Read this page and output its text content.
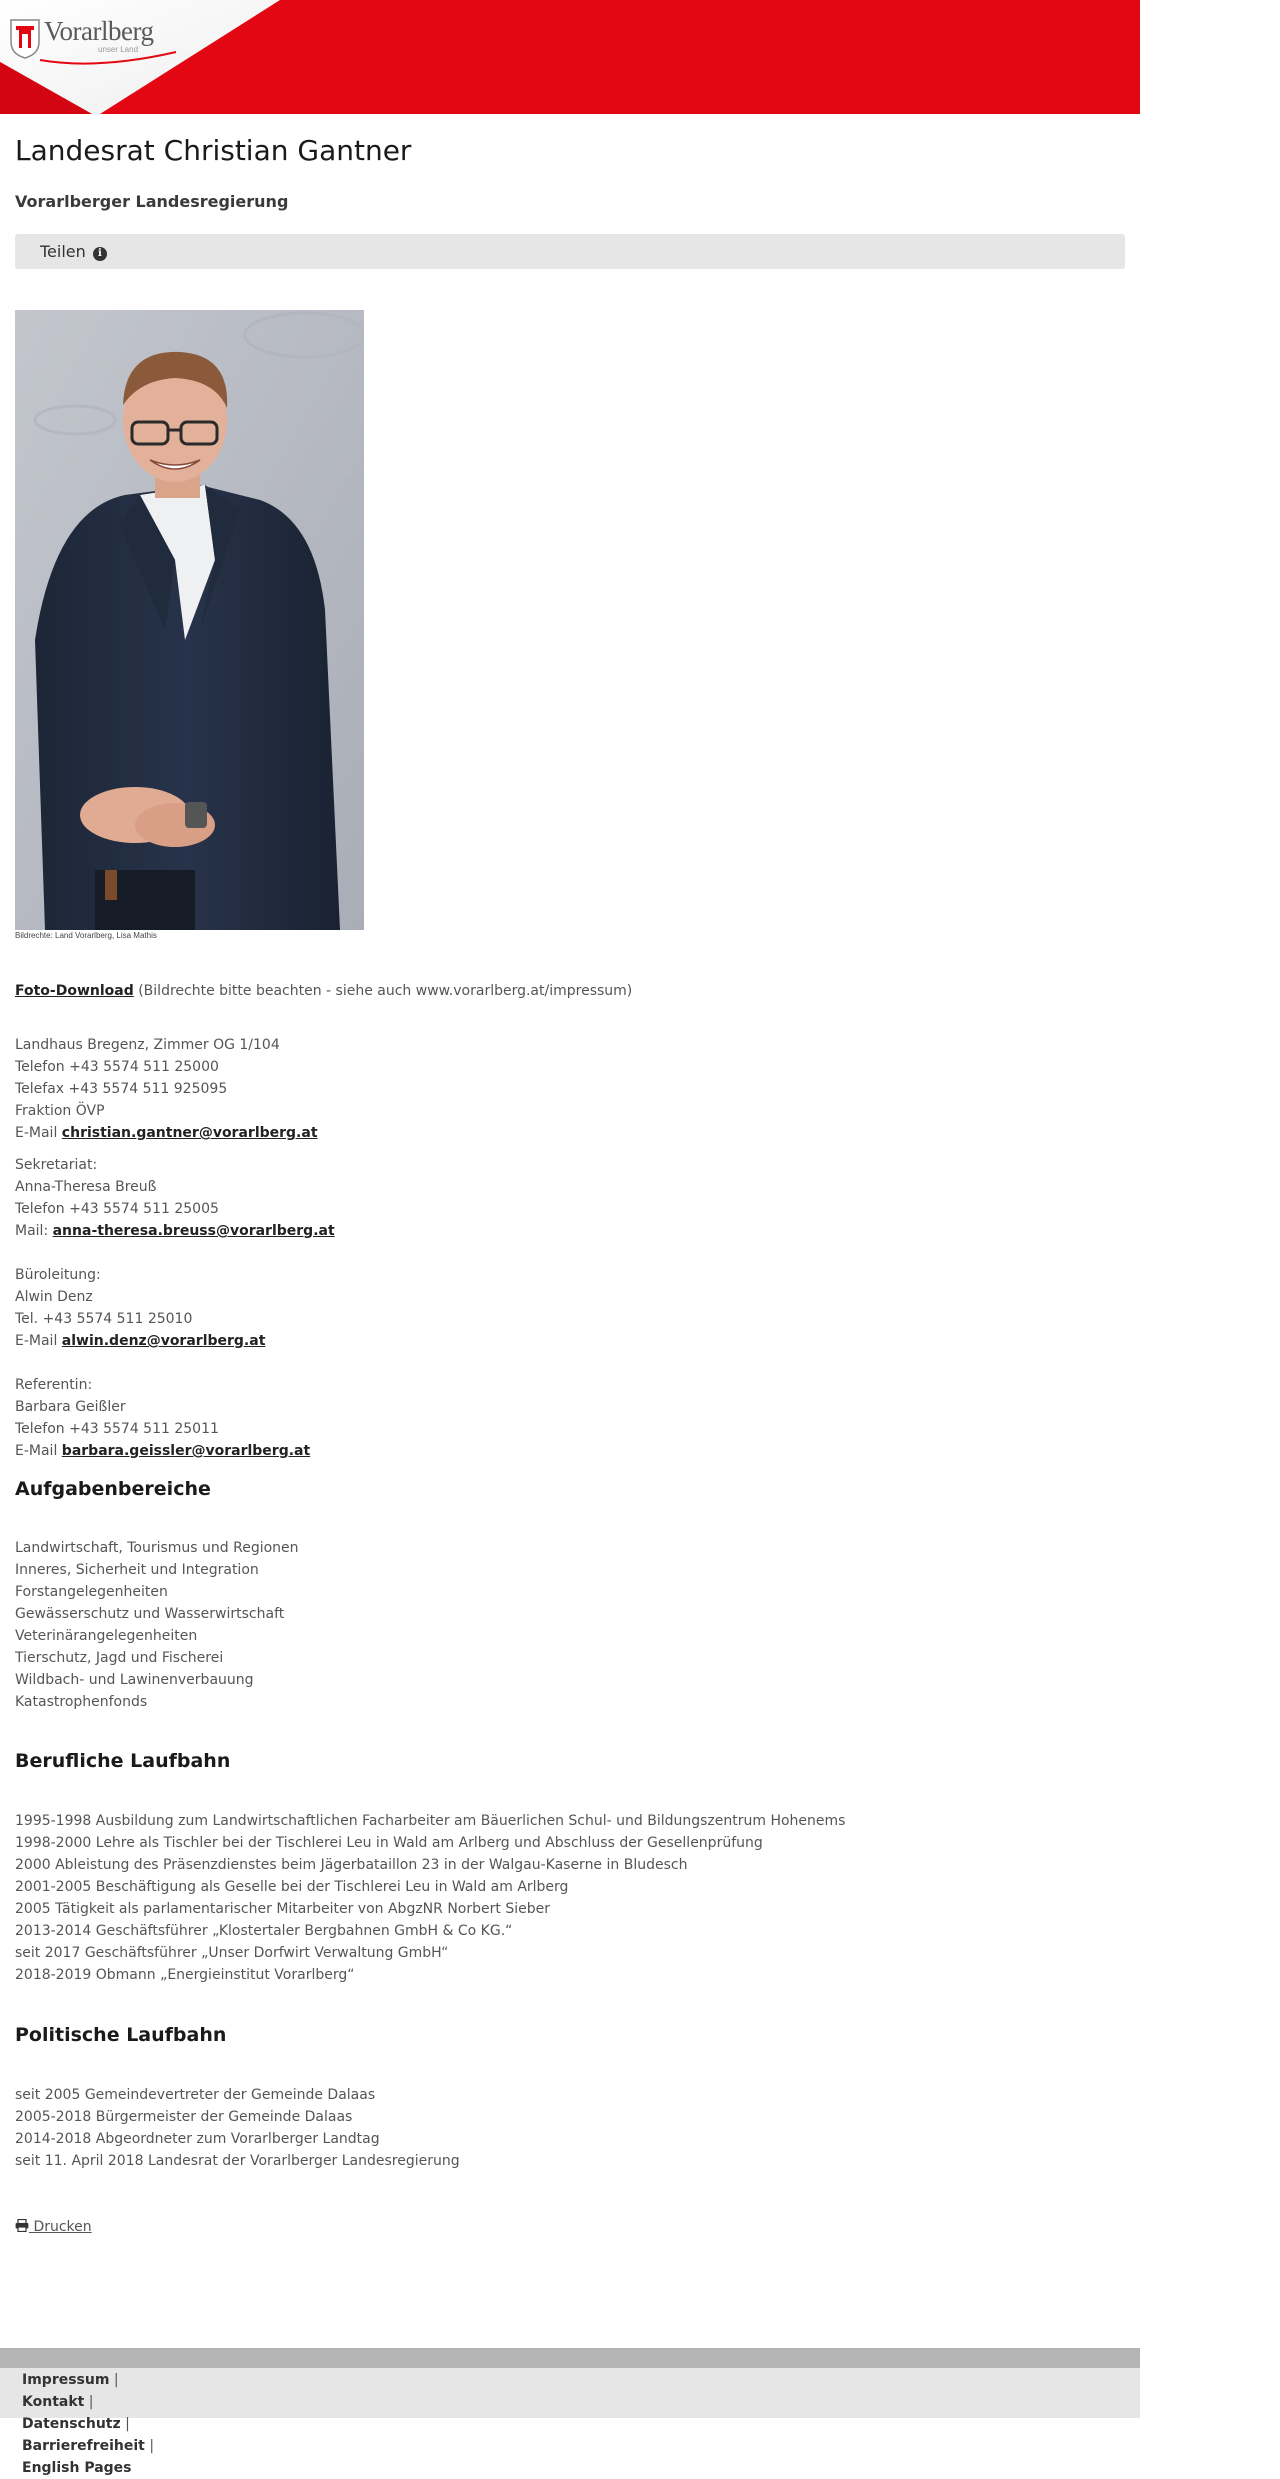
Vorarlberg
unser Land
Landesrat Christian Gantner
Vorarlberger Landesregierung
Teilen i
Bildrechte: Land Vorarlberg, Lisa Mathis
Foto-Download (Bildrechte bitte beachten - siehe auch www.vorarlberg.at/impressum)
Landhaus Bregenz, Zimmer OG 1/104
Telefon +43 5574 511 25000
Telefax +43 5574 511 925095
Fraktion ÖVP
E-Mail christian.gantner@vorarlberg.at
Sekretariat:
Anna-Theresa Breuß
Telefon +43 5574 511 25005
Mail: anna-theresa.breuss@vorarlberg.at
Büroleitung:
Alwin Denz
Tel. +43 5574 511 25010
E-Mail alwin.denz@vorarlberg.at
Referentin:
Barbara Geißler
Telefon +43 5574 511 25011
E-Mail barbara.geissler@vorarlberg.at
Aufgabenbereiche
Landwirtschaft, Tourismus und Regionen
Inneres, Sicherheit und Integration
Forstangelegenheiten
Gewässerschutz und Wasserwirtschaft
Veterinärangelegenheiten
Tierschutz, Jagd und Fischerei
Wildbach- und Lawinenverbauung
Katastrophenfonds
Berufliche Laufbahn
1995-1998 Ausbildung zum Landwirtschaftlichen Facharbeiter am Bäuerlichen Schul- und Bildungszentrum Hohenems
1998-2000 Lehre als Tischler bei der Tischlerei Leu in Wald am Arlberg und Abschluss der Gesellenprüfung
2000 Ableistung des Präsenzdienstes beim Jägerbataillon 23 in der Walgau-Kaserne in Bludesch
2001-2005 Beschäftigung als Geselle bei der Tischlerei Leu in Wald am Arlberg
2005 Tätigkeit als parlamentarischer Mitarbeiter von AbgzNR Norbert Sieber
2013-2014 Geschäftsführer „Klostertaler Bergbahnen GmbH & Co KG.“
seit 2017 Geschäftsführer „Unser Dorfwirt Verwaltung GmbH“
2018-2019 Obmann „Energieinstitut Vorarlberg“
Politische Laufbahn
seit 2005 Gemeindevertreter der Gemeinde Dalaas
2005-2018 Bürgermeister der Gemeinde Dalaas
2014-2018 Abgeordneter zum Vorarlberger Landtag
seit 11. April 2018 Landesrat der Vorarlberger Landesregierung
Drucken
Impressum |
Kontakt |
Datenschutz |
Barrierefreiheit |
English Pages
